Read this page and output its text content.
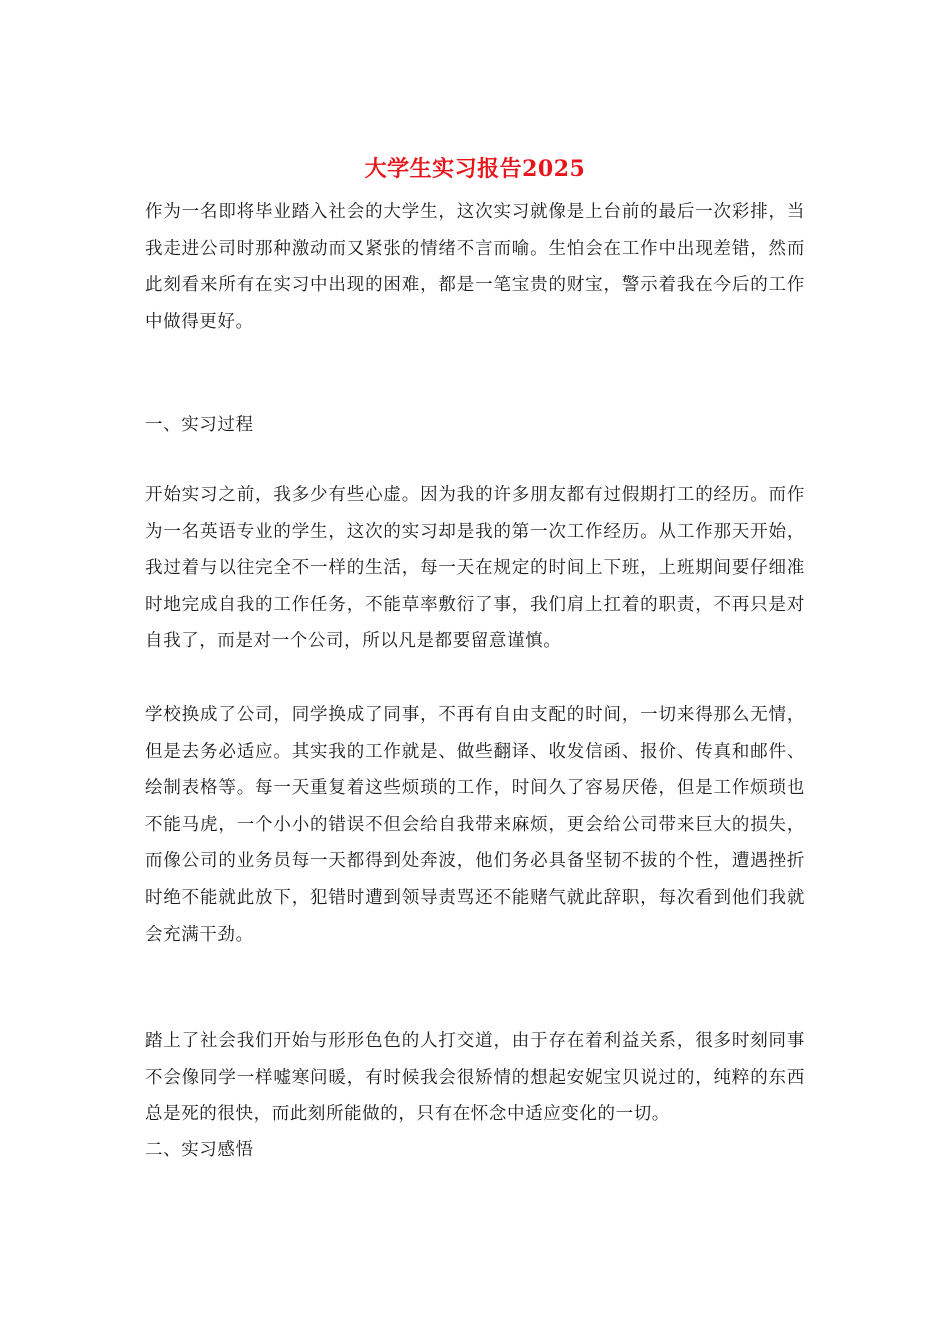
大学生实习报告2025

作为一名即将毕业踏入社会的大学生，这次实习就像是上台前的最后一次彩排，当我走进公司时那种激动而又紧张的情绪不言而喻。生怕会在工作中出现差错，然而此刻看来所有在实习中出现的困难，都是一笔宝贵的财宝，警示着我在今后的工作中做得更好。

一、实习过程

开始实习之前，我多少有些心虚。因为我的许多朋友都有过假期打工的经历。而作为一名英语专业的学生，这次的实习却是我的第一次工作经历。从工作那天开始，我过着与以往完全不一样的生活，每一天在规定的时间上下班，上班期间要仔细准时地完成自我的工作任务，不能草率敷衍了事，我们肩上扛着的职责，不再只是对自我了，而是对一个公司，所以凡是都要留意谨慎。

学校换成了公司，同学换成了同事，不再有自由支配的时间，一切来得那么无情，但是去务必适应。其实我的工作就是、做些翻译、收发信函、报价、传真和邮件、绘制表格等。每一天重复着这些烦琐的工作，时间久了容易厌倦，但是工作烦琐也不能马虎，一个小小的错误不但会给自我带来麻烦，更会给公司带来巨大的损失，而像公司的业务员每一天都得到处奔波，他们务必具备坚韧不拔的个性，遭遇挫折时绝不能就此放下，犯错时遭到领导责骂还不能赌气就此辞职，每次看到他们我就会充满干劲。

踏上了社会我们开始与形形色色的人打交道，由于存在着利益关系，很多时刻同事不会像同学一样嘘寒问暖，有时候我会很矫情的想起安妮宝贝说过的，纯粹的东西总是死的很快，而此刻所能做的，只有在怀念中适应变化的一切。

二、实习感悟
